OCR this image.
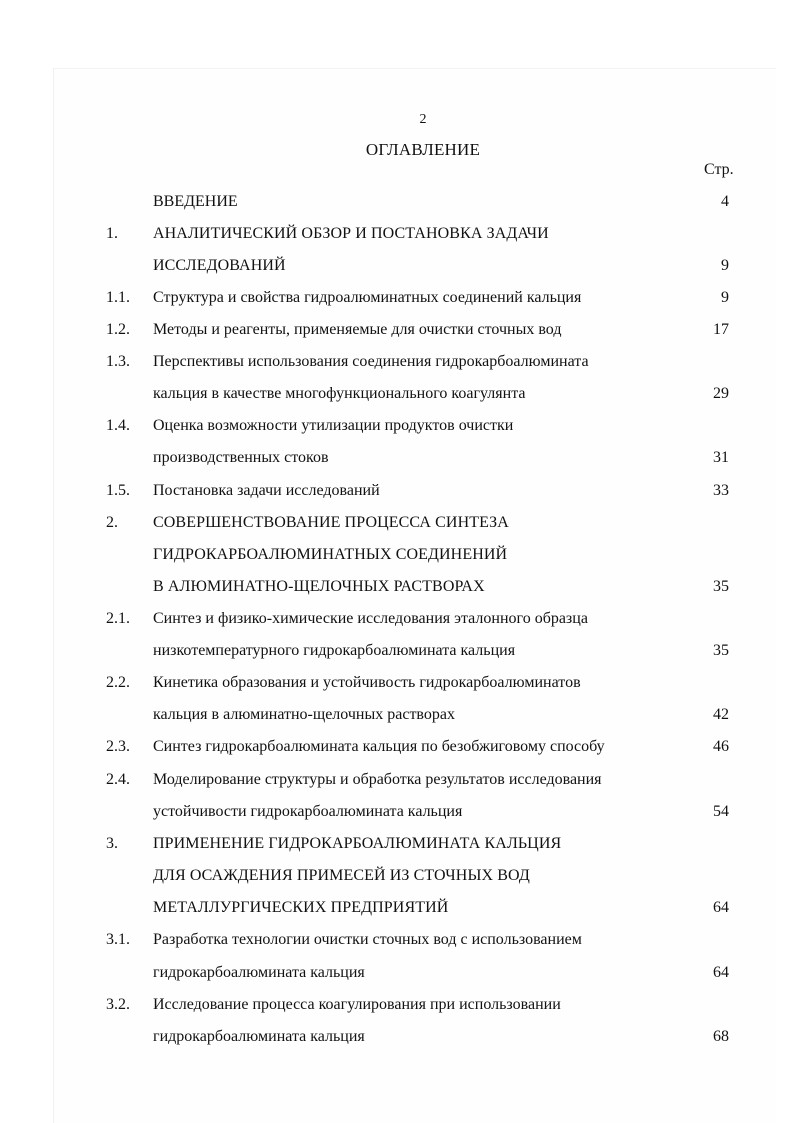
2
ОГЛАВЛЕНИЕ
Стр.
ВВЕДЕНИЕ	4
1. АНАЛИТИЧЕСКИЙ ОБЗОР И ПОСТАНОВКА ЗАДАЧИ
ИССЛЕДОВАНИЙ	9
1.1. Структура и свойства гидроалюминатных соединений кальция	9
1.2. Методы и реагенты, применяемые для очистки сточных вод	17
1.3. Перспективы использования соединения гидрокарбоалюмината
кальция в качестве многофункционального коагулянта	29
1.4. Оценка возможности утилизации продуктов очистки
производственных стоков	31
1.5. Постановка задачи исследований	33
2. СОВЕРШЕНСТВОВАНИЕ ПРОЦЕССА СИНТЕЗА
ГИДРОКАРБОАЛЮМИНАТНЫХ СОЕДИНЕНИЙ
В АЛЮМИНАТНО-ЩЕЛОЧНЫХ РАСТВОРАХ	35
2.1. Синтез и физико-химические исследования эталонного образца
низкотемпературного гидрокарбоалюмината кальция	35
2.2. Кинетика образования и устойчивость гидрокарбоалюминатов
кальция в алюминатно-щелочных растворах	42
2.3. Синтез гидрокарбоалюмината кальция по безобжиговому способу	46
2.4. Моделирование структуры и обработка результатов исследования
устойчивости гидрокарбоалюмината кальция	54
3. ПРИМЕНЕНИЕ ГИДРОКАРБОАЛЮМИНАТА КАЛЬЦИЯ
ДЛЯ ОСАЖДЕНИЯ ПРИМЕСЕЙ ИЗ СТОЧНЫХ ВОД
МЕТАЛЛУРГИЧЕСКИХ ПРЕДПРИЯТИЙ	64
3.1. Разработка технологии очистки сточных вод с использованием
гидрокарбоалюмината кальция	64
3.2. Исследование процесса коагулирования при использовании
гидрокарбоалюмината кальция	68
